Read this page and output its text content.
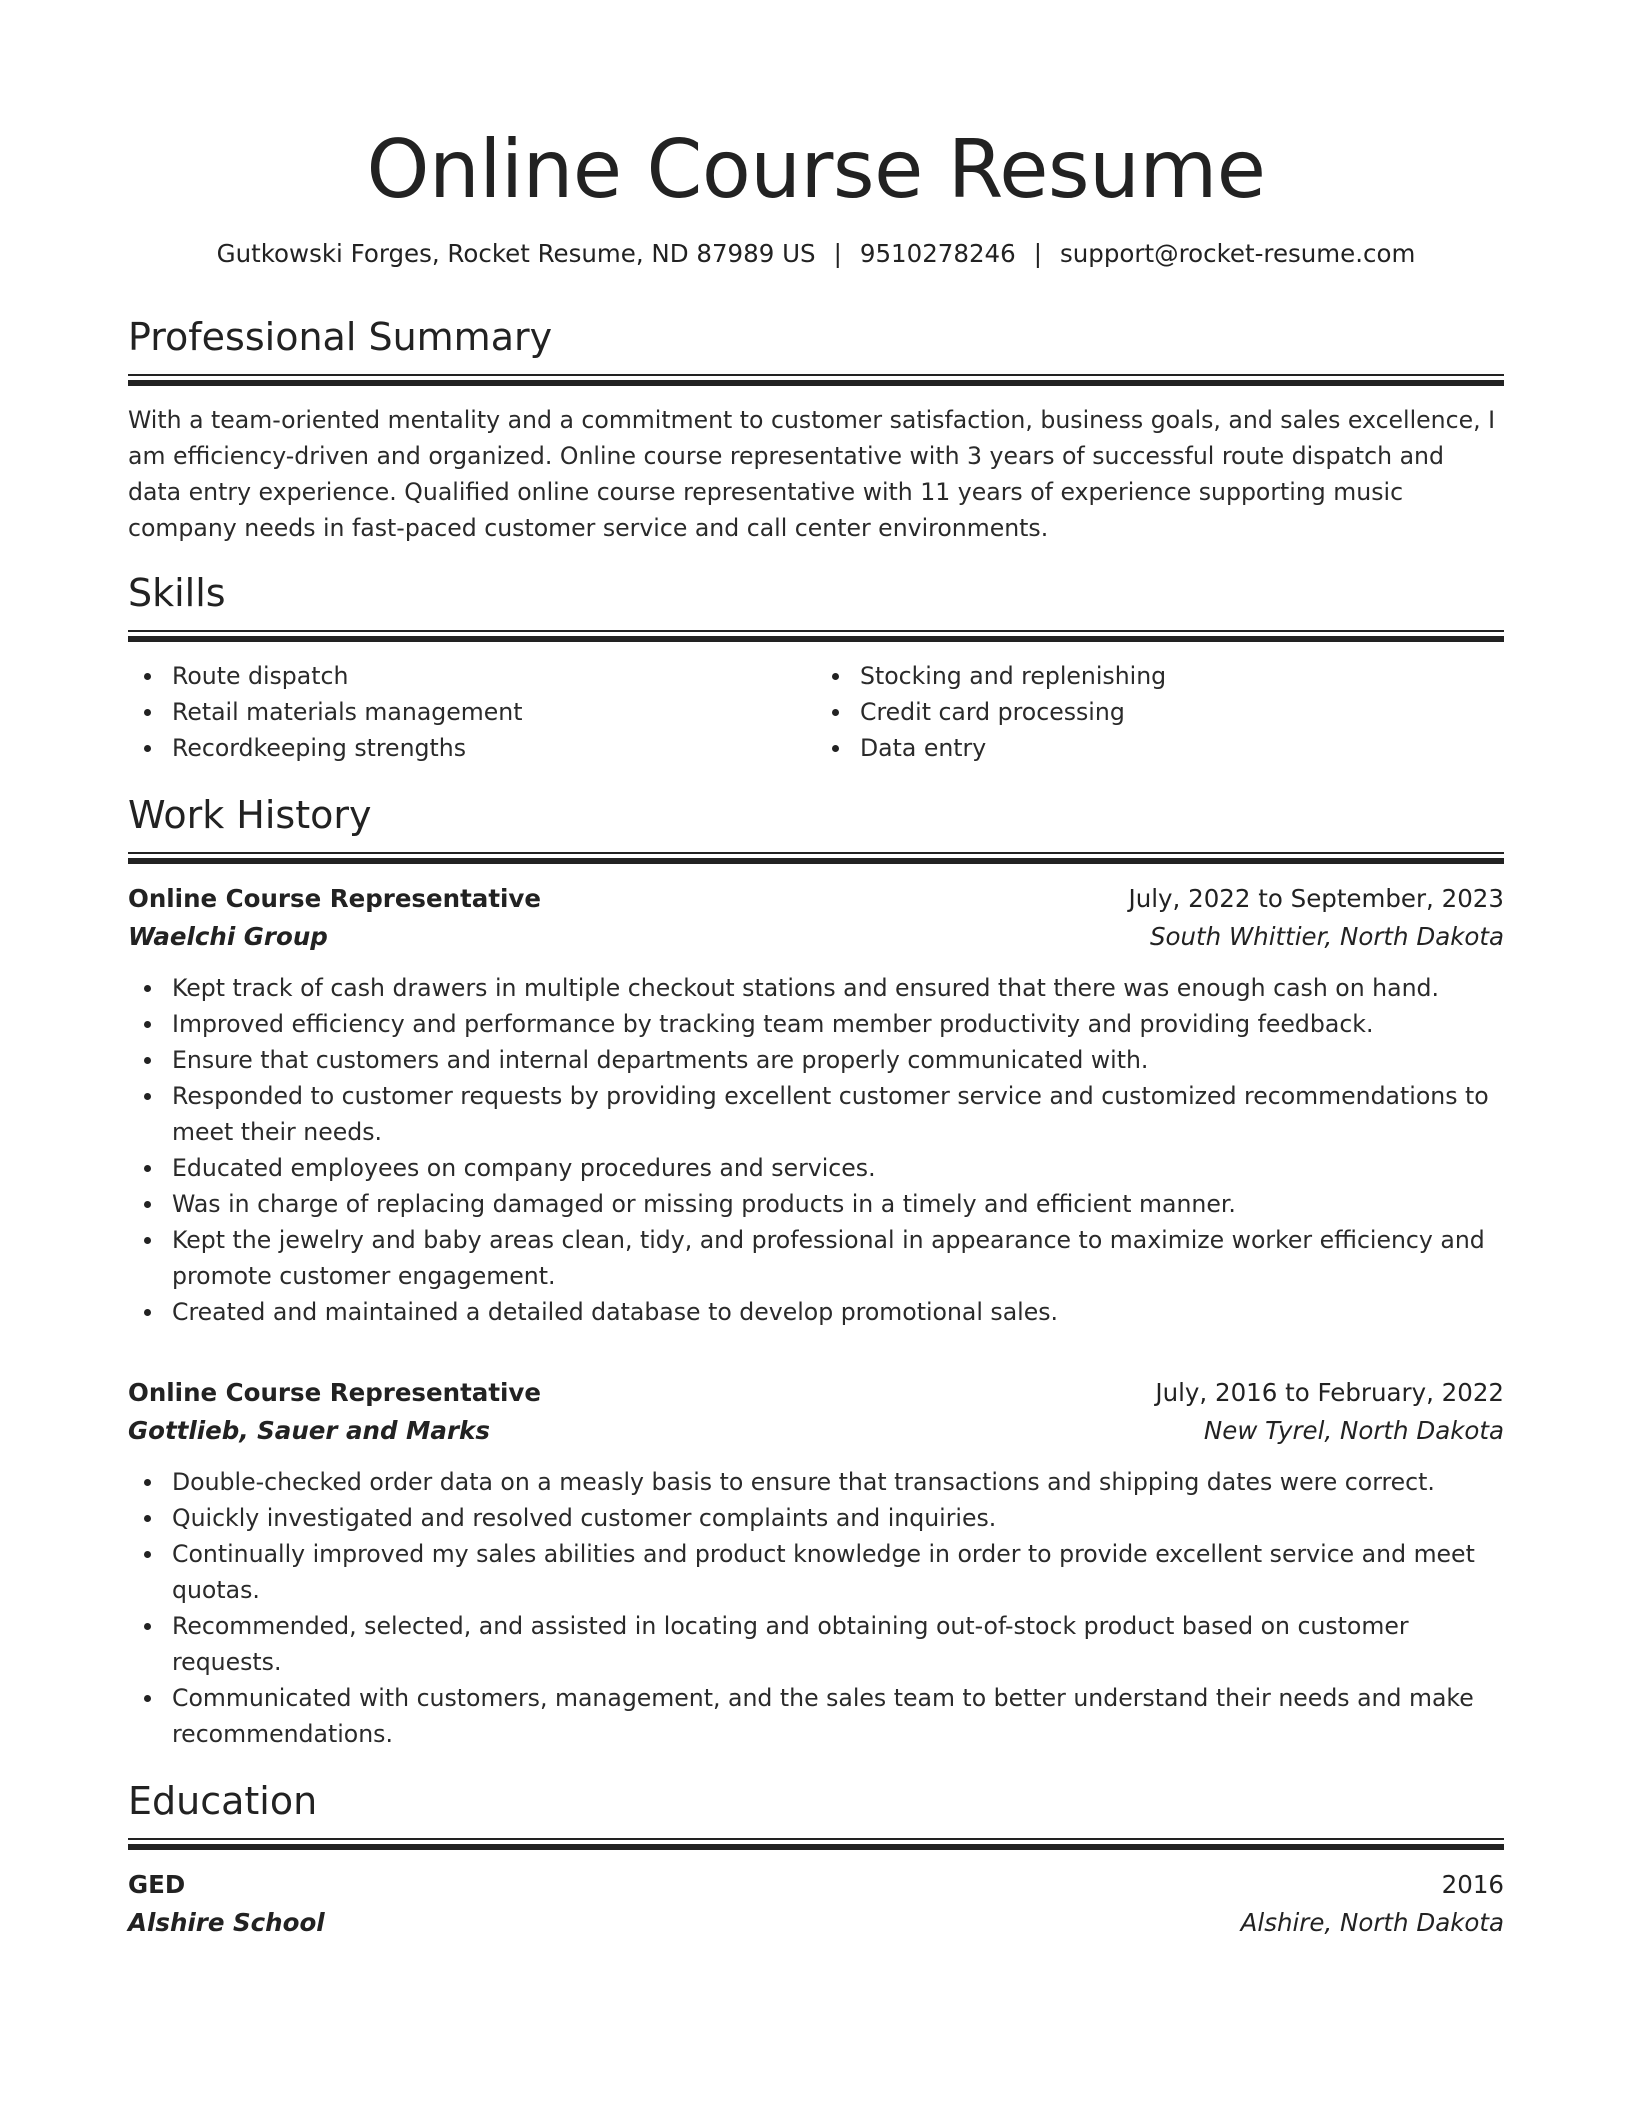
Online Course Resume
Gutkowski Forges, Rocket Resume, ND 87989 US | 9510278246 | support@rocket-resume.com
Professional Summary

With a team-oriented mentality and a commitment to customer satisfaction, business goals, and sales excellence, I am efficiency-driven and organized. Online course representative with 3 years of successful route dispatch and data entry experience. Qualified online course representative with 11 years of experience supporting music company needs in fast-paced customer service and call center environments.

Skills
Route dispatch
Retail materials management
Recordkeeping strengths
Stocking and replenishing
Credit card processing
Data entry
Work History
Online Course Representative	July, 2022 to September, 2023
Waelchi Group	South Whittier, North Dakota
Kept track of cash drawers in multiple checkout stations and ensured that there was enough cash on hand.
Improved efficiency and performance by tracking team member productivity and providing feedback.
Ensure that customers and internal departments are properly communicated with.
Responded to customer requests by providing excellent customer service and customized recommendations to meet their needs.
Educated employees on company procedures and services.
Was in charge of replacing damaged or missing products in a timely and efficient manner.
Kept the jewelry and baby areas clean, tidy, and professional in appearance to maximize worker efficiency and promote customer engagement.
Created and maintained a detailed database to develop promotional sales.
Online Course Representative	July, 2016 to February, 2022
Gottlieb, Sauer and Marks	New Tyrel, North Dakota
Double-checked order data on a measly basis to ensure that transactions and shipping dates were correct.
Quickly investigated and resolved customer complaints and inquiries.
Continually improved my sales abilities and product knowledge in order to provide excellent service and meet quotas.
Recommended, selected, and assisted in locating and obtaining out-of-stock product based on customer requests.
Communicated with customers, management, and the sales team to better understand their needs and make recommendations.
Education
GED	2016
Alshire School	Alshire, North Dakota
